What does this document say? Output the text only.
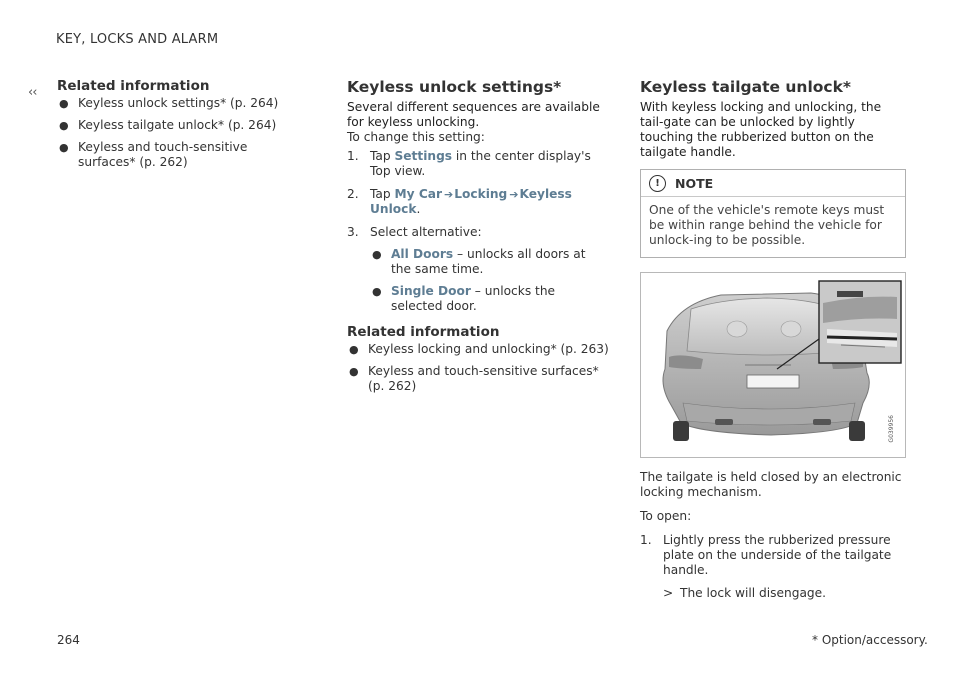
‹‹
KEY, LOCKS AND ALARM
Related information
● Keyless unlock settings* (p. 264)
● Keyless tailgate unlock* (p. 264)
● Keyless and touch-sensitive surfaces* (p. 262)
Keyless unlock settings*

Several different sequences are available for keyless unlocking.

To change this setting:

1. Tap Settings in the center display's Top view.
2. Tap My Car ➔Locking ➔Keyless Unlock.
3. Select alternative:
● All Doors – unlocks all doors at the same time.
● Single Door – unlocks the selected door.
Related information
● Keyless locking and unlocking* (p. 263)
● Keyless and touch-sensitive surfaces* (p. 262)
Keyless tailgate unlock*

With keyless locking and unlocking, the tail-gate can be unlocked by lightly touching the rubberized button on the tailgate handle.

!	NOTE
One of the vehicle's remote keys must be within range behind the vehicle for unlock-ing to be possible.
G039956

The tailgate is held closed by an electronic locking mechanism.

To open:

1. Lightly press the rubberized pressure plate on the underside of the tailgate handle.
> The lock will disengage.
264	* Option/accessory.
